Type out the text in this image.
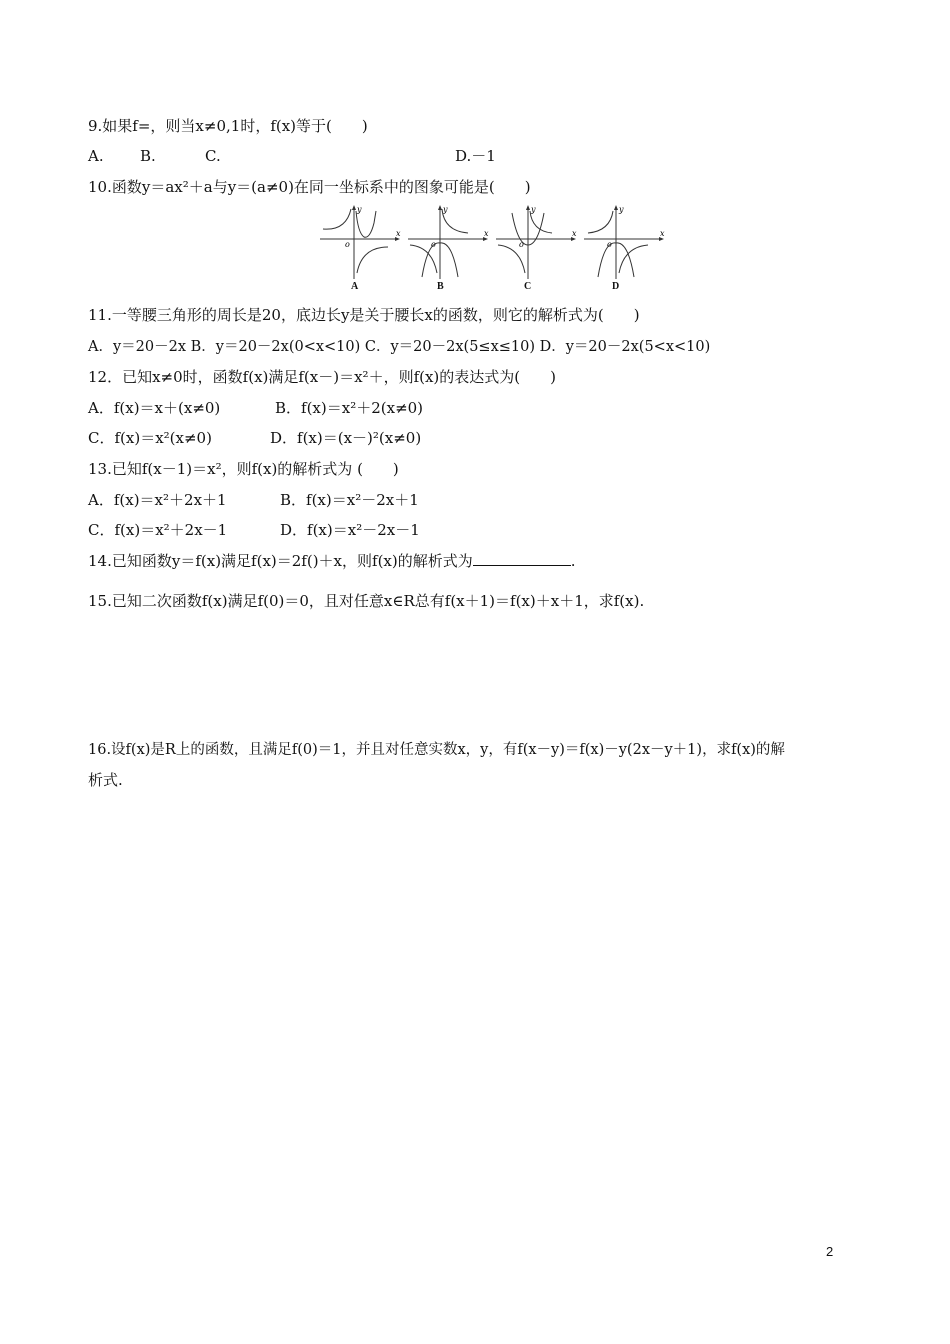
9.如果f=，则当x≠0,1时，f(x)等于(　　)
A. B.	C.	D.－1
10.函数y＝ax²＋a与y＝(a≠0)在同一坐标系中的图象可能是(　　)
x
y
o
A
x
y
o
B
x
y
o
C
x
y
o
D
11.一等腰三角形的周长是20，底边长y是关于腰长x的函数，则它的解析式为(　　)
A．y＝20－2x B．y＝20－2x(0<x<10) C．y＝20－2x(5≤x≤10) D．y＝20－2x(5<x<10)
12．已知x≠0时，函数f(x)满足f(x－)＝x²＋，则f(x)的表达式为(　　)
A．f(x)＝x＋(x≠0)	B．f(x)＝x²＋2(x≠0)
C．f(x)＝x²(x≠0)	D．f(x)＝(x－)²(x≠0)
13.已知f(x－1)＝x²，则f(x)的解析式为 (　　)
A．f(x)＝x²＋2x＋1	B．f(x)＝x²－2x＋1
C．f(x)＝x²＋2x－1	D．f(x)＝x²－2x－1
14.已知函数y＝f(x)满足f(x)＝2f()＋x，则f(x)的解析式为	.
15.已知二次函数f(x)满足f(0)＝0，且对任意x∈R总有f(x＋1)＝f(x)＋x＋1，求f(x).
16.设f(x)是R上的函数，且满足f(0)＝1，并且对任意实数x，y，有f(x－y)＝f(x)－y(2x－y＋1)，求f(x)的解
析式.
2
